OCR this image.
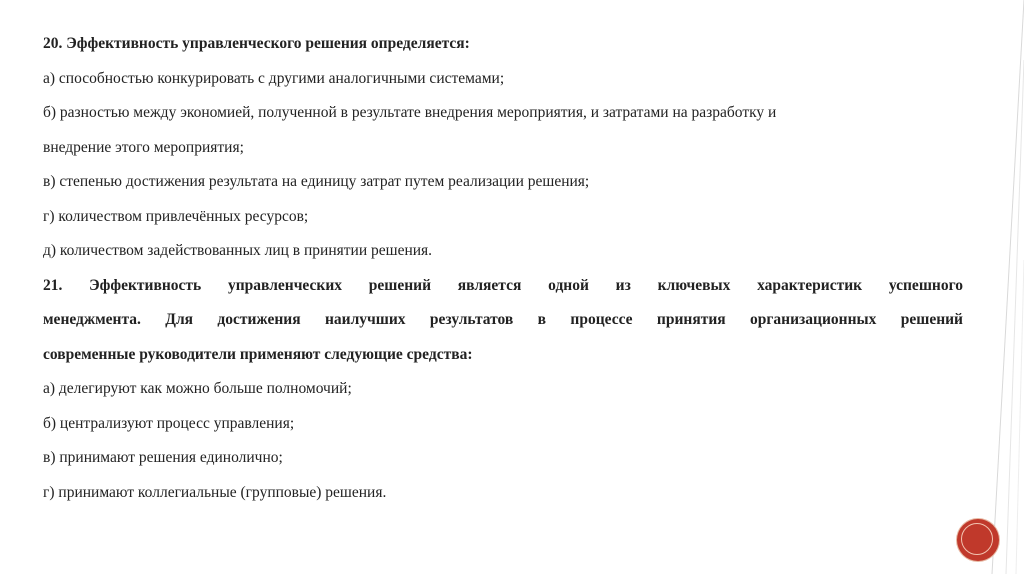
20. Эффективность управленческого решения определяется:
а) способностью конкурировать с другими аналогичными системами;
б) разностью между экономией, полученной в результате внедрения мероприятия, и затратами на разработку и
внедрение этого мероприятия;
в) степенью достижения результата на единицу затрат путем реализации решения;
г) количеством привлечённых ресурсов;
д) количеством задействованных лиц в принятии решения.
21. Эффективность управленческих решений является одной из ключевых характеристик успешного
менеджмента. Для достижения наилучших результатов в процессе принятия организационных решений
современные руководители применяют следующие средства:
а) делегируют как можно больше полномочий;
б) централизуют процесс управления;
в) принимают решения единолично;
г) принимают коллегиальные (групповые) решения.
